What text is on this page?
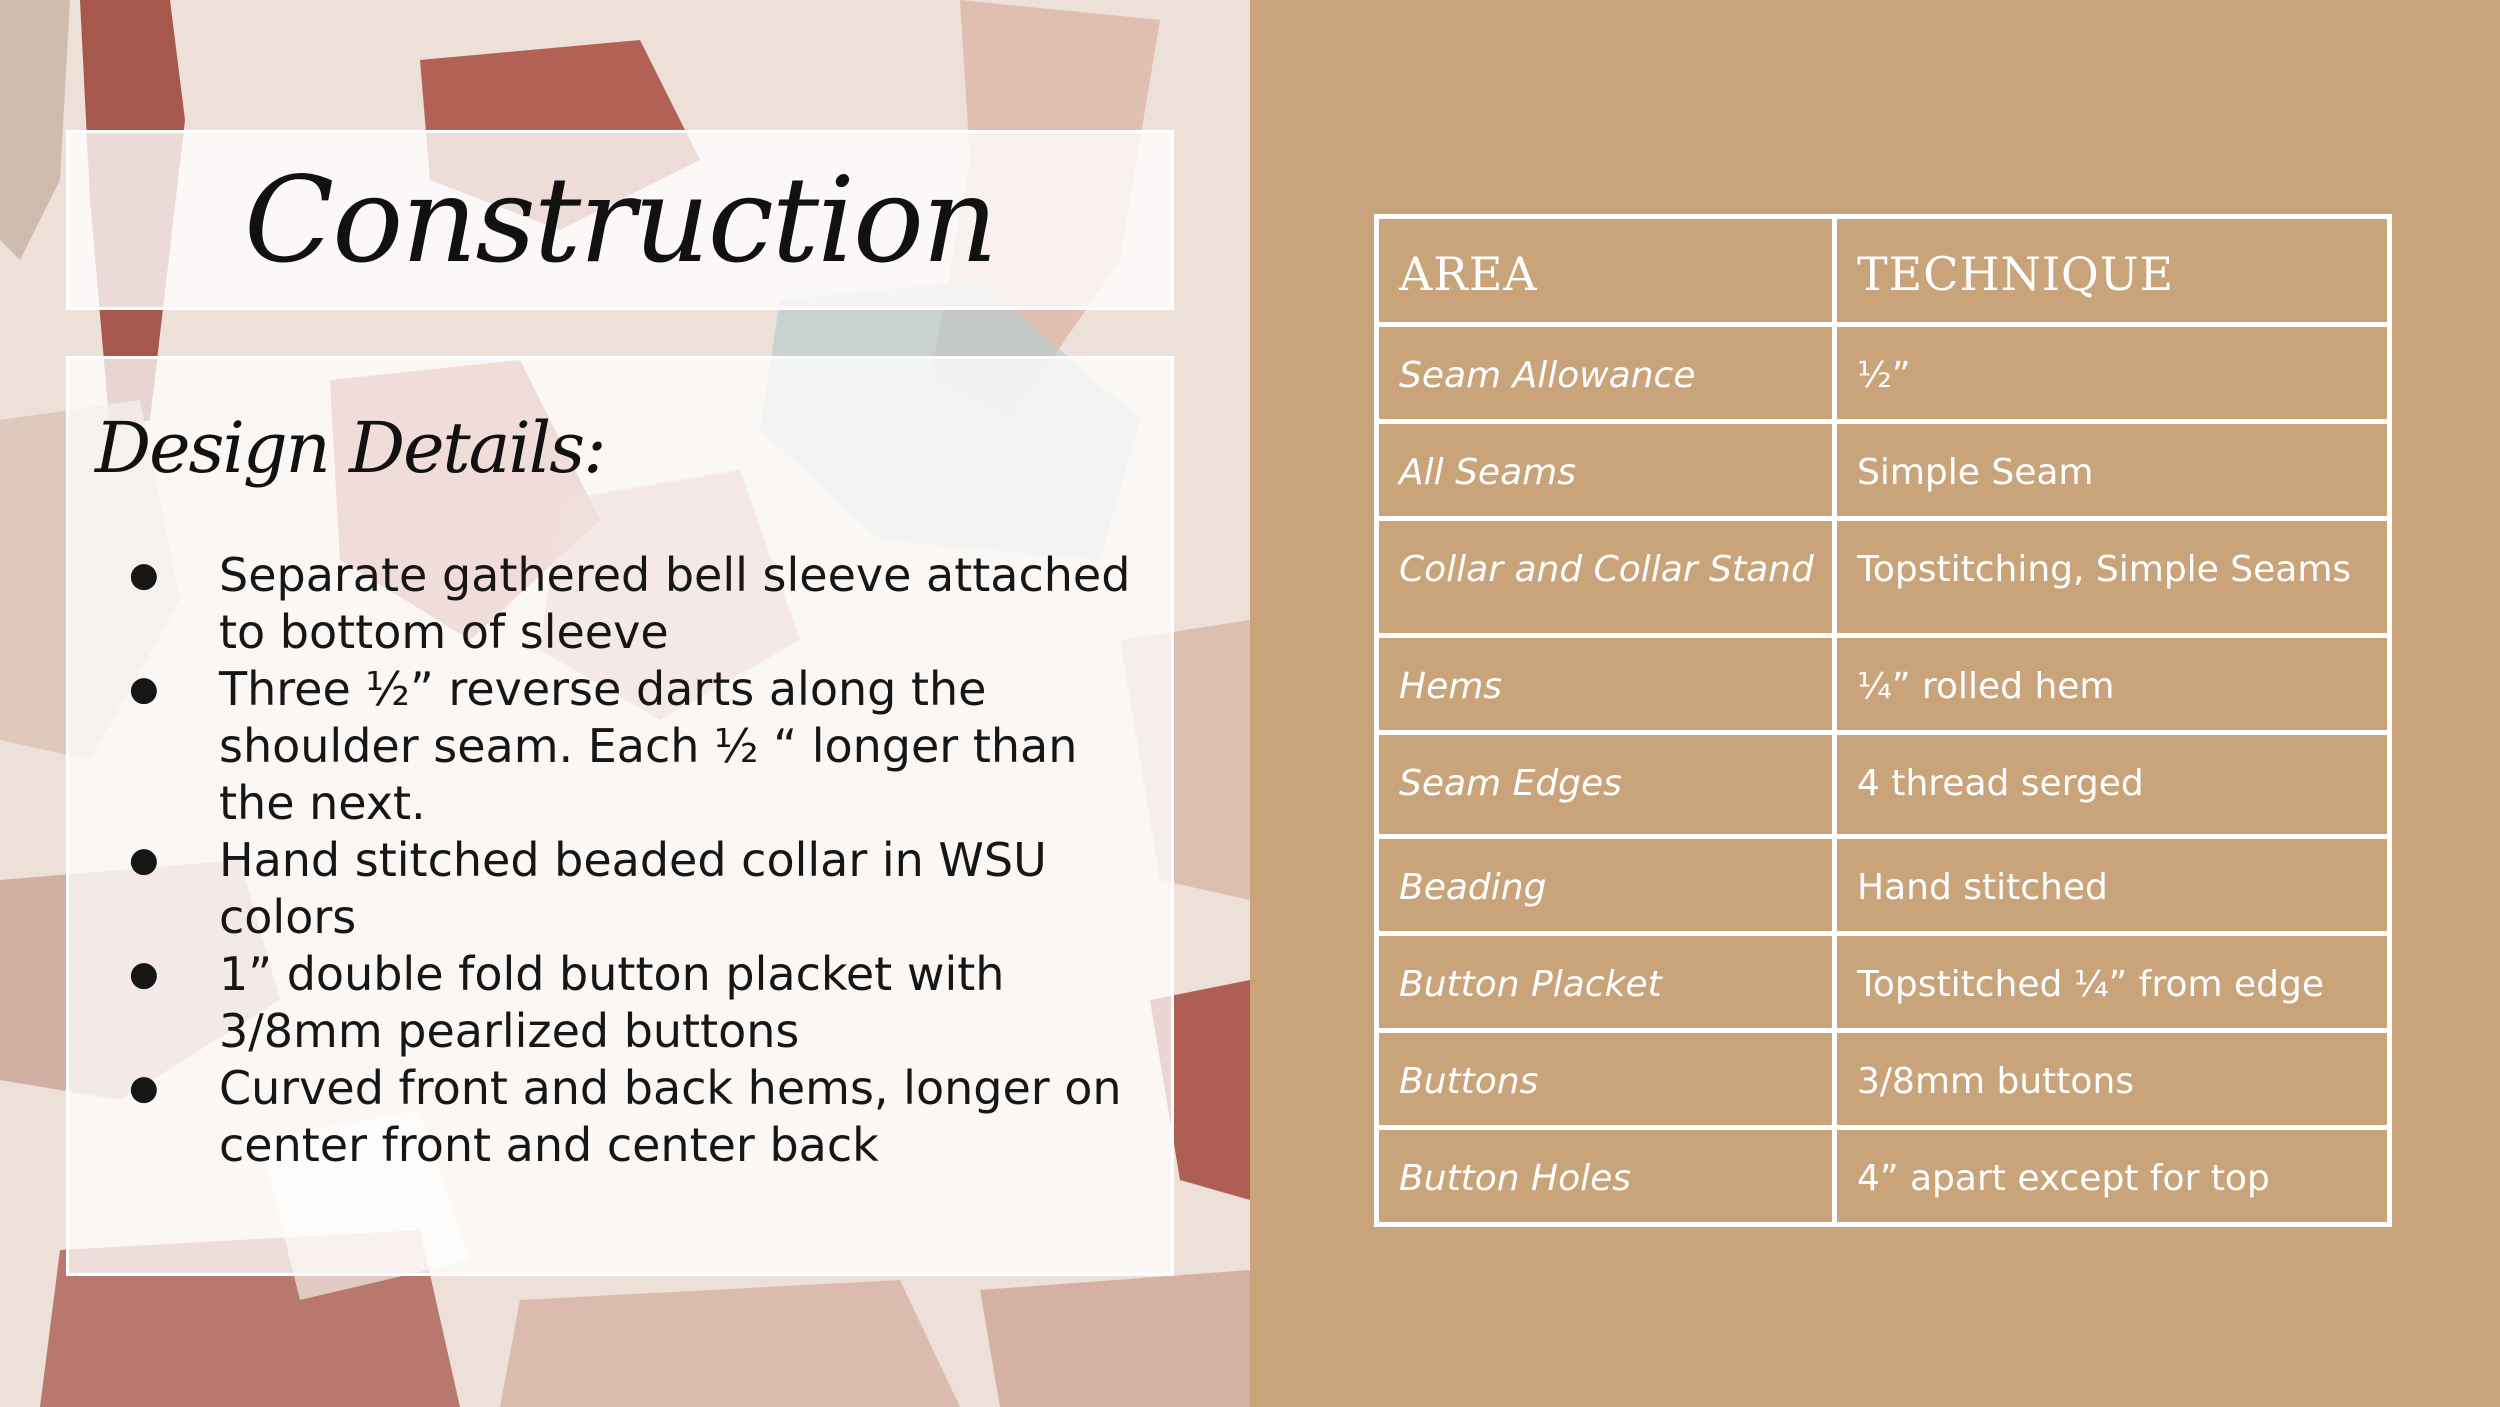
Construction
Design Details:
●	Separate gathered bell sleeve attached to bottom of sleeve
●	Three ½” reverse darts along the shoulder seam. Each ½ “ longer than the next.
●	Hand stitched beaded collar in WSU colors
●	1” double fold button placket with 3/8mm pearlized buttons
●	Curved front and back hems, longer on center front and center back
AREA	TECHNIQUE
Seam Allowance	½”
All Seams	Simple Seam
Collar and Collar Stand	Topstitching, Simple Seams
Hems	¼” rolled hem
Seam Edges	4 thread serged
Beading	Hand stitched
Button Placket	Topstitched ¼” from edge
Buttons	3/8mm buttons
Button Holes	4” apart except for top
